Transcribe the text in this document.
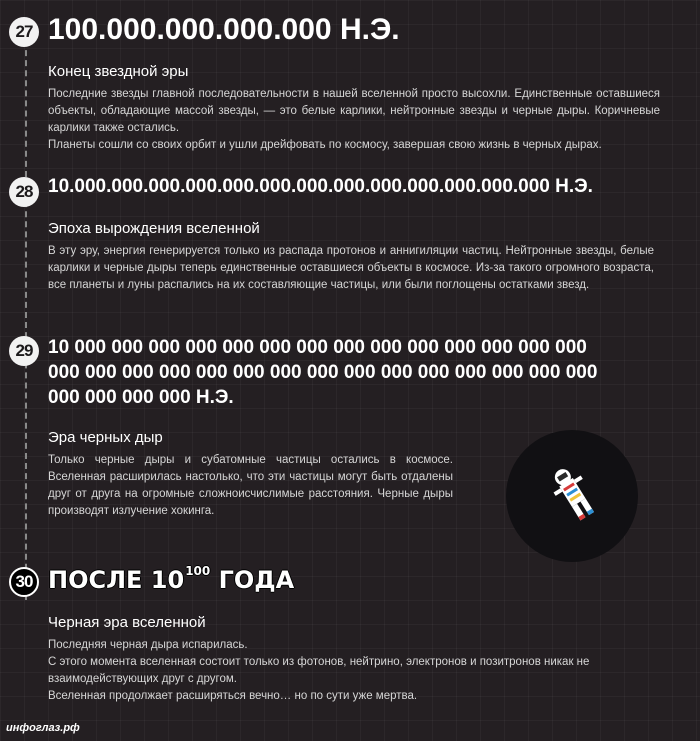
27 100.000.000.000.000 Н.Э.
Конец звездной эры

Последние звезды главной последовательности в нашей вселенной просто высохли. Единственные оставшиеся объекты, обладающие массой звезды, — это белые карлики, нейтронные звезды и черные дыры. Коричневые карлики также остались.

Планеты сошли со своих орбит и ушли дрейфовать по космосу, завершая свою жизнь в черных дырах.

28 10.000.000.000.000.000.000.000.000.000.000.000.000.000 Н.Э.
Эпоха вырождения вселенной

В эту эру, энергия генерируется только из распада протонов и аннигиляции частиц. Нейтронные звезды, белые карлики и черные дыры теперь единственные оставшиеся объекты в космосе. Из-за такого огромного возраста, все планеты и луны распались на их составляющие частицы, или были поглощены остатками звезд.

29 10 000 000 000 000 000 000 000 000 000 000 000 000 000 000
000 000 000 000 000 000 000 000 000 000 000 000 000 000 000
000 000 000 000 Н.Э.
Эра черных дыр

Только черные дыры и субатомные частицы остались в космосе. Вселенная расширилась настолько, что эти частицы могут быть отдалены друг от друга на огромные сложноисчислимые расстояния. Черные дыры производят излучение хокинга.

30 ПОСЛЕ $10^{100}$ ГОДА
Черная эра вселенной

Последняя черная дыра испарилась.

С этого момента вселенная состоит только из фотонов, нейтрино, электронов и позитронов никак не взаимодействующих друг с другом.

Вселенная продолжает расширяться вечно… но по сути уже мертва.

инфоглаз.рф
